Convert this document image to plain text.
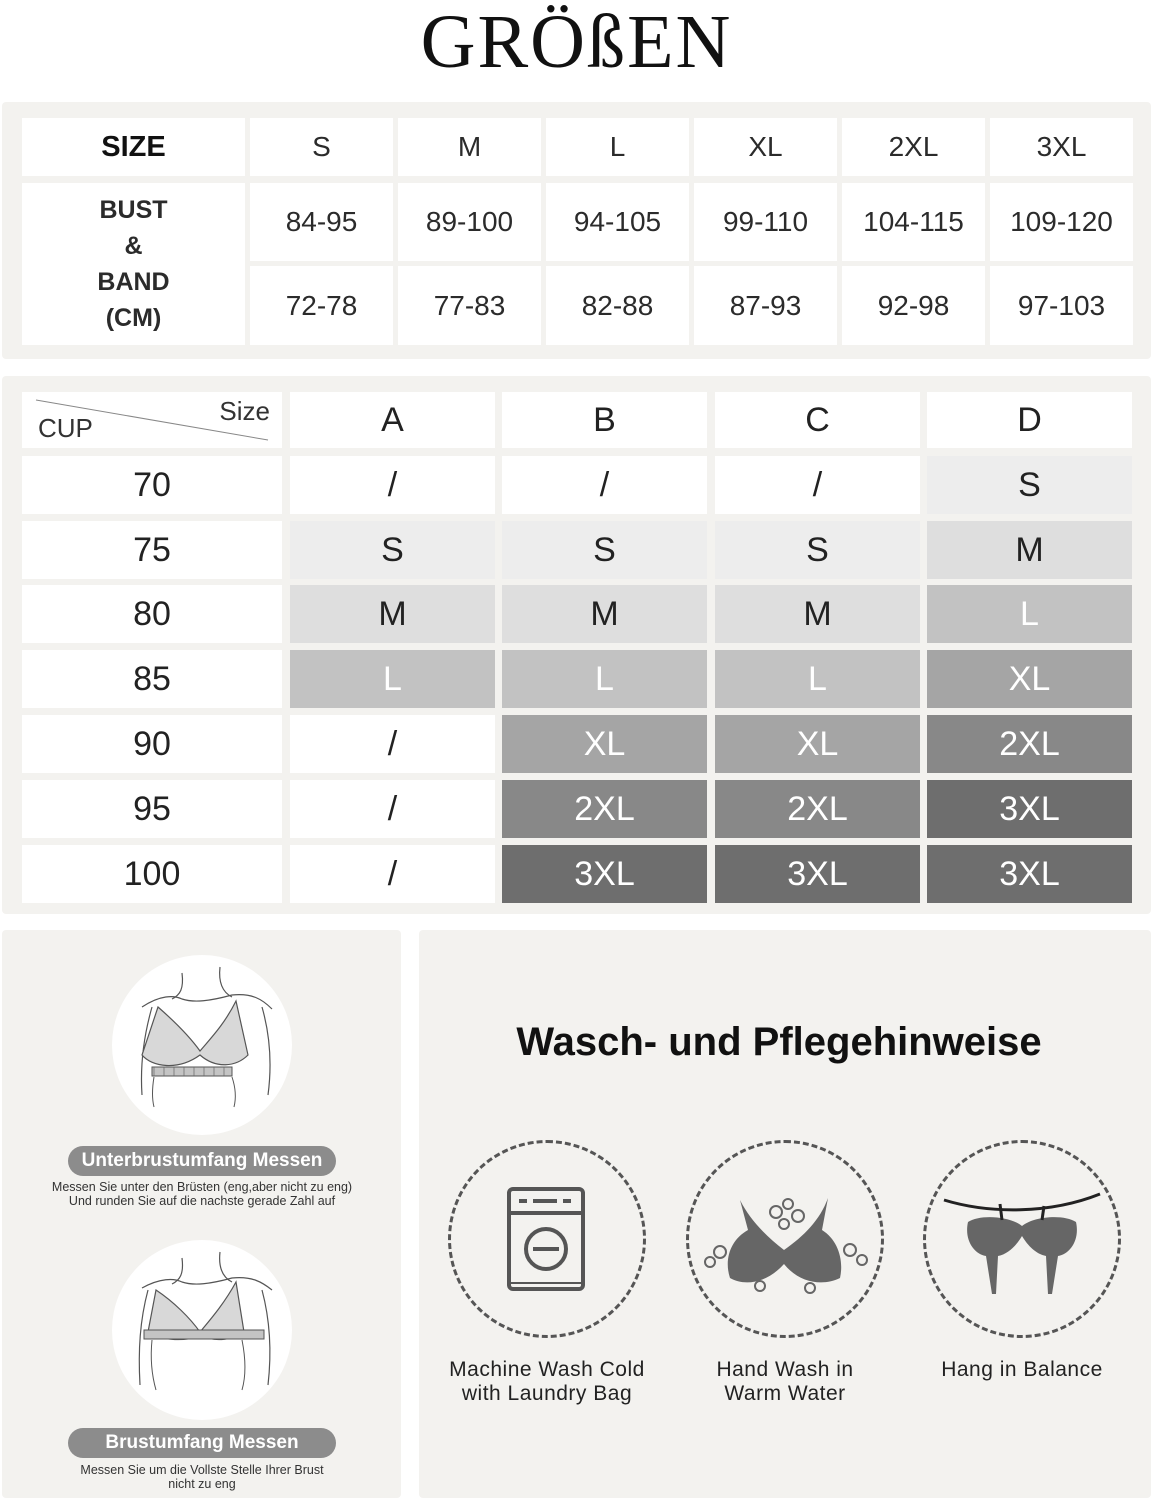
GRÖßEN
SIZE	S	M	L	XL	2XL	3XL
BUST
&
BAND
(CM)
84-95	89-100	94-105	99-110	104-115	109-120
72-78	77-83	82-88	87-93	92-98	97-103
Size
CUP	A	B	C	D
70	/	/	/	S
75	S	S	S	M
80	M	M	M	L
85	L	L	L	XL
90	/	XL	XL	2XL
95	/	2XL	2XL	3XL
100	/	3XL	3XL	3XL
Unterbrustumfang Messen
Messen Sie unter den Brüsten (eng,aber nicht zu eng)
Und runden Sie auf die nachste gerade Zahl auf
Brustumfang Messen
Messen Sie um die Vollste Stelle Ihrer Brust
nicht zu eng
Wasch- und Pflegehinweise
Machine Wash Cold
with Laundry Bag
Hand Wash in
Warm Water
Hang in Balance
